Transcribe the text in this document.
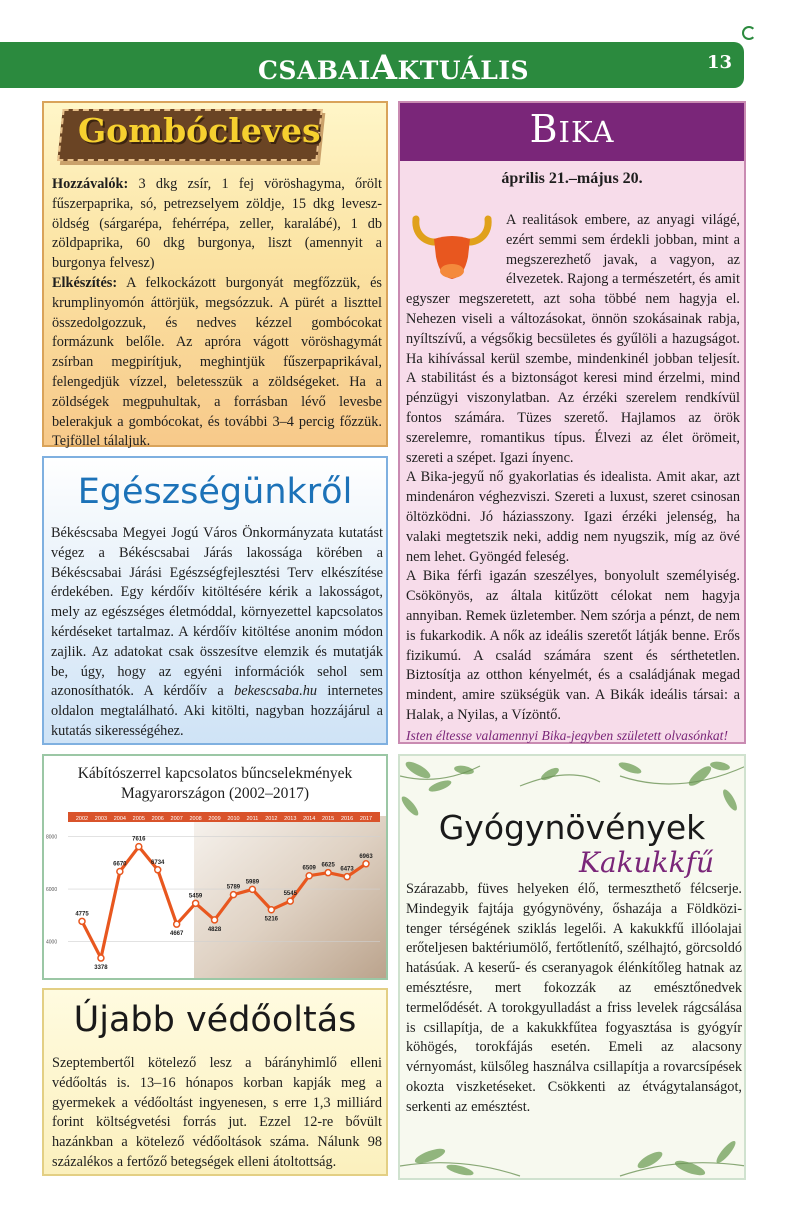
CSABAIAKTUÁLIS	13
Gombócleves
Hozzávalók: 3 dkg zsír, 1 fej vöröshagyma, őrölt fűszerpaprika, só, petrezselyem zöldje, 15 dkg leveszöldség (sárgarépa, fehérrépa, zeller, karalábé), 1 db zöldpaprika, 60 dkg burgonya, liszt (amennyit a burgonya felvesz)
Elkészítés: A felkockázott burgonyát megfőzzük, és krumplinyomón áttörjük, megsózzuk. A pürét a liszttel összedolgozzuk, és nedves kézzel gombócokat formázunk belőle. Az apróra vágott vöröshagymát zsírban megpirítjuk, meghintjük fűszerpaprikával, felengedjük vízzel, beletesszük a zöldségeket. Ha a zöldségek megpuhultak, a forrásban lévő levesbe belerakjuk a gombócokat, és további 3–4 percig főzzük. Tejföllel tálaljuk.
Egészségünkről
Békéscsaba Megyei Jogú Város Önkormányzata kutatást végez a Békéscsabai Járás lakossága körében a Békéscsabai Járási Egészségfejlesztési Terv elkészítése érdekében. Egy kérdőív kitöltésére kérik a lakosságot, mely az egészséges életmóddal, környezettel kapcsolatos kérdéseket tartalmaz. A kérdőív kitöltése anonim módon zajlik. Az adatokat csak összesítve elemzik és mutatják be, úgy, hogy az egyéni információk sehol sem azonosíthatók. A kérdőív a bekescsaba.hu internetes oldalon megtalálható. Aki kitölti, nagyban hozzájárul a kutatás sikerességéhez.
8000
6000
4000
2002 2003 2004 2005 2006 2007 2008 2009 2010 2011 2012 2013 2014 2015 2016 2017
4775
3378
6670
7616
6734
4667
5459
4828
5789
5989
5216
5545
6509
6625
6473
6963
Kábítószerrel kapcsolatos bűncselekmények Magyarországon (2002–2017)
Újabb védőoltás
Szeptembertől kötelező lesz a bárányhimlő elleni védőoltás is. 13–16 hónapos korban kapják meg a gyermekek a védőoltást ingyenesen, s erre 1,3 milliárd forint költségvetési forrás jut. Ezzel 12-re bővült hazánkban a kötelező védőoltások száma. Nálunk 98 százalékos a fertőző betegségek elleni átoltottság.
BIKA
április 21.–május 20.
A realitások embere, az anyagi világé, ezért semmi sem érdekli jobban, mint a megszerezhető javak, a vagyon, az élvezetek. Rajong a természetért, és amit egyszer megszeretett, azt soha többé nem hagyja el. Nehezen viseli a változásokat, önnön szokásainak rabja, nyíltszívű, a végsőkig becsületes és gyűlöli a hazugságot. Ha kihívással kerül szembe, mindenkinél jobban teljesít. A stabilitást és a biztonságot keresi mind érzelmi, mind pénzügyi viszonylatban. Az érzéki szerelem rendkívül fontos számára. Tüzes szerető. Hajlamos az örök szerelemre, romantikus típus. Élvezi az élet örömeit, szereti a szépet. Igazi ínyenc.
A Bika-jegyű nő gyakorlatias és idealista. Amit akar, azt mindenáron véghezviszi. Szereti a luxust, szeret csinosan öltözködni. Jó háziasszony. Igazi érzéki jelenség, ha valaki megtetszik neki, addig nem nyugszik, míg az övé nem lehet. Gyöngéd feleség.
A Bika férfi igazán szeszélyes, bonyolult személyiség. Csökönyös, az általa kitűzött célokat nem hagyja annyiban. Remek üzletember. Nem szórja a pénzt, de nem is fukarkodik. A nők az ideális szeretőt látják benne. Erős fizikumú. A család számára szent és sérthetetlen. Biztosítja az otthon kényelmét, és a családjának megad mindent, amire szükségük van. A Bikák ideális társai: a Halak, a Nyilas, a Vízöntő.
Isten éltesse valamennyi Bika-jegyben született olvasónkat!
Gyógynövények
Kakukkfű
Szárazabb, füves helyeken élő, termeszthető félcserje. Mindegyik fajtája gyógynövény, őshazája a Földközi-tenger térségének sziklás legelői. A kakukkfű illóolajai erőteljesen baktériumölő, fertőtlenítő, szélhajtó, görcsoldó hatásúak. A keserű- és cseranyagok élénkítőleg hatnak az emésztésre, mert fokozzák az emésztőnedvek termelődését. A torokgyulladást a friss levelek rágcsálása is csillapítja, de a kakukkfűtea fogyasztása is gyógyír köhögés, torokfájás esetén. Emeli az alacsony vérnyomást, külsőleg használva csillapítja a rovarcsípések okozta viszketéseket. Csökkenti az étvágytalanságot, serkenti az emésztést.
